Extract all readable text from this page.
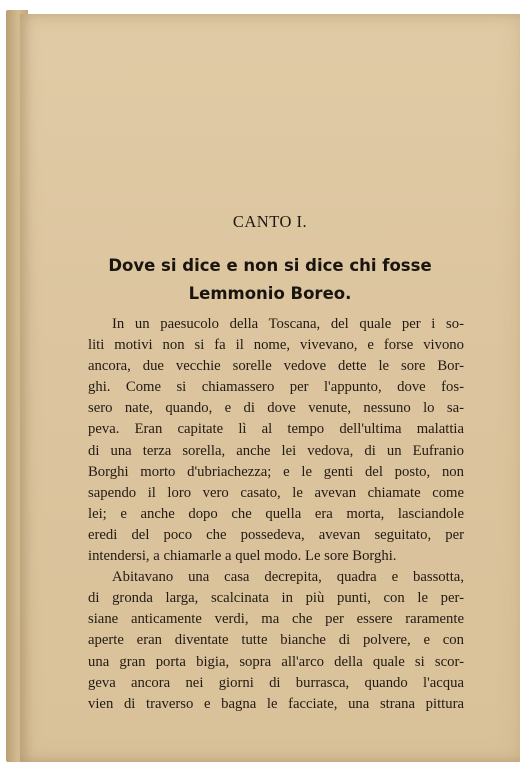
CANTO I.
Dove si dice e non si dice chi fosse
Lemmonio Boreo.
In un paesucolo della Toscana, del quale per i so-
liti motivi non si fa il nome, vivevano, e forse vivono
ancora, due vecchie sorelle vedove dette le sore Bor-
ghi. Come si chiamassero per l'appunto, dove fos-
sero nate, quando, e di dove venute, nessuno lo sa-
peva. Eran capitate lì al tempo dell'ultima malattia
di una terza sorella, anche lei vedova, di un Eufranio
Borghi morto d'ubriachezza; e le genti del posto, non
sapendo il loro vero casato, le avevan chiamate come
lei; e anche dopo che quella era morta, lasciandole
eredi del poco che possedeva, avevan seguitato, per
intendersi, a chiamarle a quel modo. Le sore Borghi.
Abitavano una casa decrepita, quadra e bassotta,
di gronda larga, scalcinata in più punti, con le per-
siane anticamente verdi, ma che per essere raramente
aperte eran diventate tutte bianche di polvere, e con
una gran porta bigia, sopra all'arco della quale si scor-
geva ancora nei giorni di burrasca, quando l'acqua
vien di traverso e bagna le facciate, una strana pittura
